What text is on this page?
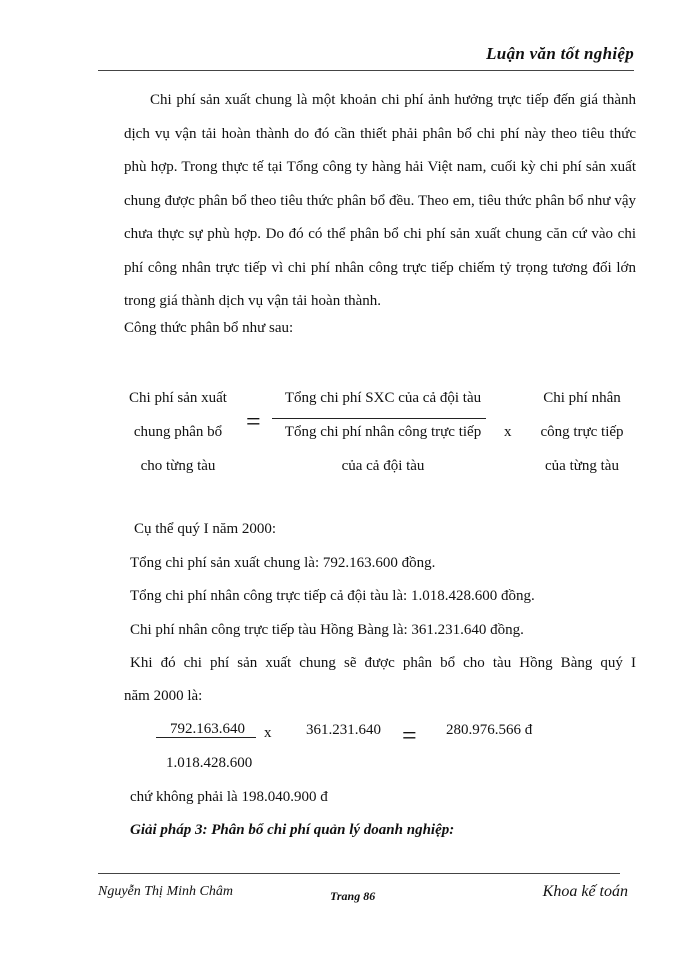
Luận văn tốt nghiệp
Chi phí sản xuất chung là một khoản chi phí ảnh hưởng trực tiếp đến giá thành dịch vụ vận tải hoàn thành do đó cần thiết phải phân bổ chi phí này theo tiêu thức phù hợp. Trong thực tế tại Tổng công ty hàng hải Việt nam, cuối kỳ chi phí sản xuất chung được phân bổ theo tiêu thức phân bổ đều. Theo em, tiêu thức phân bổ như vậy chưa thực sự phù hợp. Do đó có thể phân bổ chi phí sản xuất chung căn cứ vào chi phí công nhân trực tiếp vì chi phí nhân công trực tiếp chiếm tỷ trọng tương đối lớn trong giá thành dịch vụ vận tải hoàn thành.
Công thức phân bổ như sau:
Chi phí sản xuất
chung phân bổ
cho từng tàu
=
Tổng chi phí SXC của cả đội tàu
Tổng chi phí nhân công trực tiếp
của cả đội tàu
x
Chi phí nhân
công trực tiếp
của từng tàu
Cụ thể quý I năm 2000:
Tổng chi phí sản xuất chung là: 792.163.600 đồng.
Tổng chi phí nhân công trực tiếp cả đội tàu là: 1.018.428.600 đồng.
Chi phí nhân công trực tiếp tàu Hồng Bàng là: 361.231.640 đồng.
Khi đó chi phí sản xuất chung sẽ được phân bổ cho tàu Hồng Bàng quý I
năm 2000 là:
792.163.640 x 361.231.640 = 280.976.566 đ
1.018.428.600
chứ không phải là 198.040.900 đ
Giải pháp 3: Phân bổ chi phí quản lý doanh nghiệp:
Nguyễn Thị Minh Châm	Trang 86	Khoa kế toán
